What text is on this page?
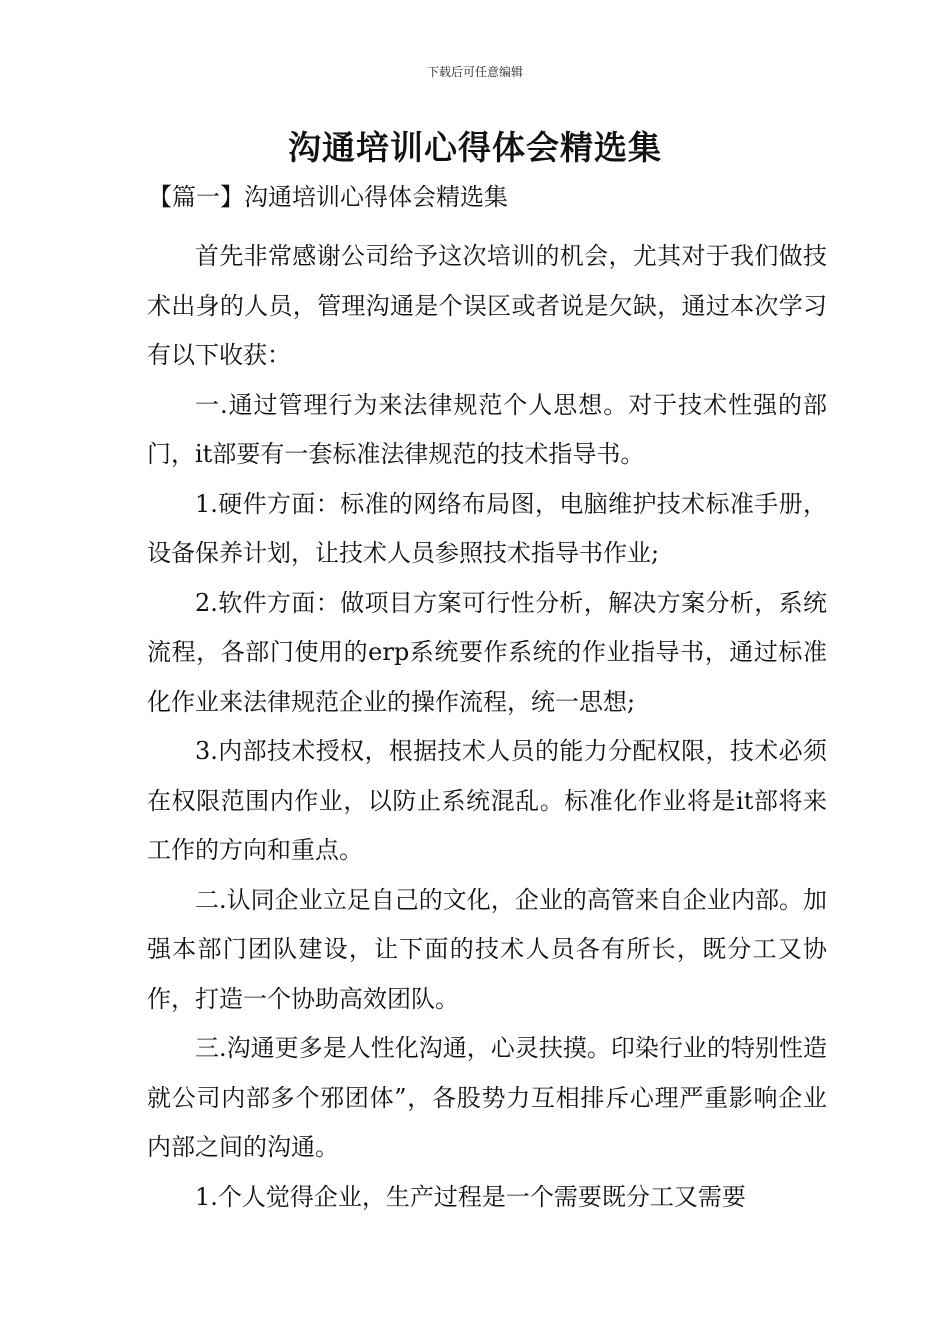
下载后可任意编辑
沟通培训心得体会精选集
【篇一】沟通培训心得体会精选集

首先非常感谢公司给予这次培训的机会，尤其对于我们做技术出身的人员，管理沟通是个误区或者说是欠缺，通过本次学习有以下收获：

一.通过管理行为来法律规范个人思想。对于技术性强的部门，it部要有一套标准法律规范的技术指导书。

1.硬件方面：标准的网络布局图，电脑维护技术标准手册，设备保养计划，让技术人员参照技术指导书作业;

2.软件方面：做项目方案可行性分析，解决方案分析，系统流程，各部门使用的erp系统要作系统的作业指导书，通过标准化作业来法律规范企业的操作流程，统一思想;

3.内部技术授权，根据技术人员的能力分配权限，技术必须在权限范围内作业，以防止系统混乱。标准化作业将是it部将来工作的方向和重点。

二.认同企业立足自己的文化，企业的高管来自企业内部。加强本部门团队建设，让下面的技术人员各有所长，既分工又协作，打造一个协助高效团队。

三.沟通更多是人性化沟通，心灵扶摸。印染行业的特别性造就公司内部多个邪团体”，各股势力互相排斥心理严重影响企业内部之间的沟通。

1.个人觉得企业，生产过程是一个需要既分工又需要
